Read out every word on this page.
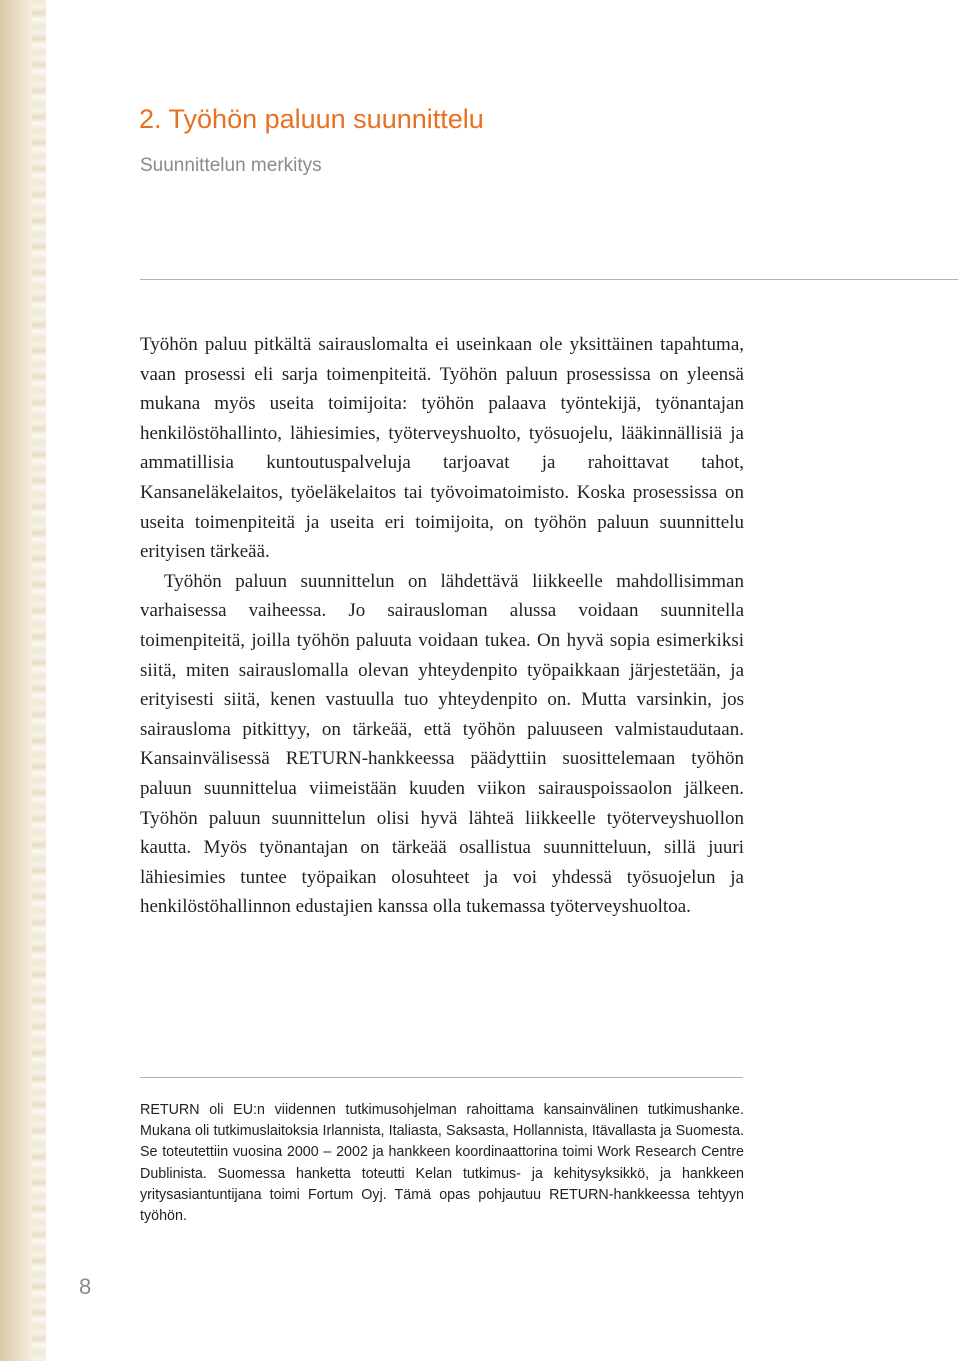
2. Työhön paluun suunnittelu
Suunnittelun merkitys

Työhön paluu pitkältä sairauslomalta ei useinkaan ole yksittäinen tapahtuma, vaan prosessi eli sarja toimenpiteitä. Työhön paluun prosessissa on yleensä mukana myös useita toimijoita: työhön palaava työntekijä, työnantajan henkilöstöhallinto, lähiesimies, työterveyshuolto, työsuojelu, lääkinnällisiä ja ammatillisia kuntoutuspalveluja tarjoavat ja rahoittavat tahot, Kansaneläkelaitos, työeläkelaitos tai työvoimatoimisto. Koska prosessissa on useita toimenpiteitä ja useita eri toimijoita, on työhön paluun suunnittelu erityisen tärkeää.

Työhön paluun suunnittelun on lähdettävä liikkeelle mahdollisimman varhaisessa vaiheessa. Jo sairausloman alussa voidaan suunnitella toimenpiteitä, joilla työhön paluuta voidaan tukea. On hyvä sopia esimerkiksi siitä, miten sairauslomalla olevan yhteydenpito työpaikkaan järjestetään, ja erityisesti siitä, kenen vastuulla tuo yhteydenpito on. Mutta varsinkin, jos sairausloma pitkittyy, on tärkeää, että työhön paluuseen valmistaudutaan. Kansainvälisessä RETURN-hankkeessa päädyttiin suosittelemaan työhön paluun suunnittelua viimeistään kuuden viikon sairauspoissaolon jälkeen. Työhön paluun suunnittelun olisi hyvä lähteä liikkeelle työterveyshuollon kautta. Myös työnantajan on tärkeää osallistua suunnitteluun, sillä juuri lähiesimies tuntee työpaikan olosuhteet ja voi yhdessä työsuojelun ja henkilöstöhallinnon edustajien kanssa olla tukemassa työterveyshuoltoa.

RETURN oli EU:n viidennen tutkimusohjelman rahoittama kansainvälinen tutkimushanke. Mukana oli tutkimuslaitoksia Irlannista, Italiasta, Saksasta, Hollannista, Itävallasta ja Suomesta. Se toteutettiin vuosina 2000 – 2002 ja hankkeen koordinaattorina toimi Work Research Centre Dublinista. Suomessa hanketta toteutti Kelan tutkimus- ja kehitysyksikkö, ja hankkeen yritysasiantuntijana toimi Fortum Oyj. Tämä opas pohjautuu RETURN-hankkeessa tehtyyn työhön.
8
